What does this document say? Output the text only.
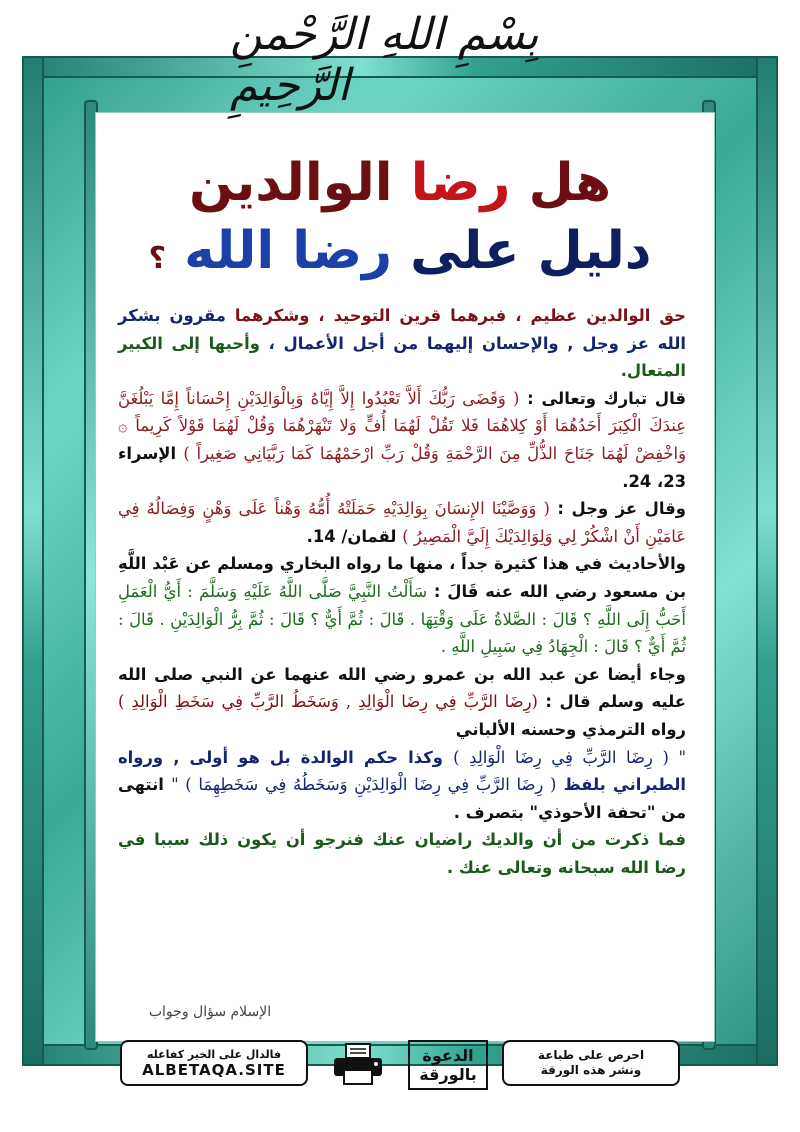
بِسْمِ اللهِ الرَّحْمنِ الرَّحِيمِ
هل رضا الوالدين
دليل على رضا الله ؟

حق الوالدين عظيم ، فبرهما قرين التوحيد ، وشكرهما مقرون بشكر الله عز وجل , والإحسان إليهما من أجل الأعمال ، وأحبها إلى الكبير المتعال.

قال تبارك وتعالى : ( وَقَضَى رَبُّكَ أَلاَّ تَعْبُدُوا إِلاَّ إِيَّاهُ وَبِالْوَالِدَيْنِ إِحْسَاناً إِمَّا يَبْلُغَنَّ عِندَكَ الْكِبَرَ أَحَدُهُمَا أَوْ كِلاهُمَا فَلا تَقُلْ لَهُمَا أُفٍّ وَلا تَنْهَرْهُمَا وَقُلْ لَهُمَا قَوْلاً كَرِيماً ۞ وَاخْفِضْ لَهُمَا جَنَاحَ الذُّلِّ مِنَ الرَّحْمَةِ وَقُلْ رَبِّ ارْحَمْهُمَا كَمَا رَبَّيَانِي صَغِيراً ) الإسراء 23، 24.

وقال عز وجل : ( وَوَصَّيْنَا الإِنسَانَ بِوَالِدَيْهِ حَمَلَتْهُ أُمُّهُ وَهْناً عَلَى وَهْنٍ وَفِصَالُهُ فِي عَامَيْنِ أَنْ اشْكُرْ لِي وَلِوَالِدَيْكَ إِلَيَّ الْمَصِيرُ ) لقمان/ 14.

والأحاديث في هذا كثيرة جداً ، منها ما رواه البخاري ومسلم عن عَبْد اللَّهِ بن مسعود رضي الله عنه قَالَ : سَأَلْتُ النَّبِيَّ صَلَّى اللَّهُ عَلَيْهِ وَسَلَّمَ : أَيُّ الْعَمَلِ أَحَبُّ إِلَى اللَّهِ ؟ قَالَ : الصَّلاةُ عَلَى وَقْتِهَا . قَالَ : ثُمَّ أَيٌّ ؟ قَالَ : ثُمَّ بِرُّ الْوَالِدَيْنِ . قَالَ : ثُمَّ أَيٌّ ؟ قَالَ : الْجِهَادُ فِي سَبِيلِ اللَّهِ .

وجاء أيضا عن عبد الله بن عمرو رضي الله عنهما عن النبي صلى الله عليه وسلم قال : (رِضَا الرَّبِّ فِي رِضَا الْوَالِدِ , وَسَخَطُ الرَّبِّ فِي سَخَطِ الْوَالِدِ ) رواه الترمذي وحسنه الألباني

" ( رِضَا الرَّبِّ فِي رِضَا الْوَالِدِ ) وكذا حكم الوالدة بل هو أولى , ورواه الطبراني بلفظ ( رِضَا الرَّبِّ فِي رِضَا الْوَالِدَيْنِ وَسَخَطُهُ فِي سَخَطِهِمَا ) " انتهى من "تحفة الأحوذي" بتصرف .

فما ذكرت من أن والديك راضيان عنك فنرجو أن يكون ذلك سببا في رضا الله سبحانه وتعالى عنك .

الإسلام سؤال وجواب
فالدال على الخير كفاعله
ALBETAQA.SITE
الدعوة
بالورقة
احرص على طباعة
ونشر هذه الورقة
